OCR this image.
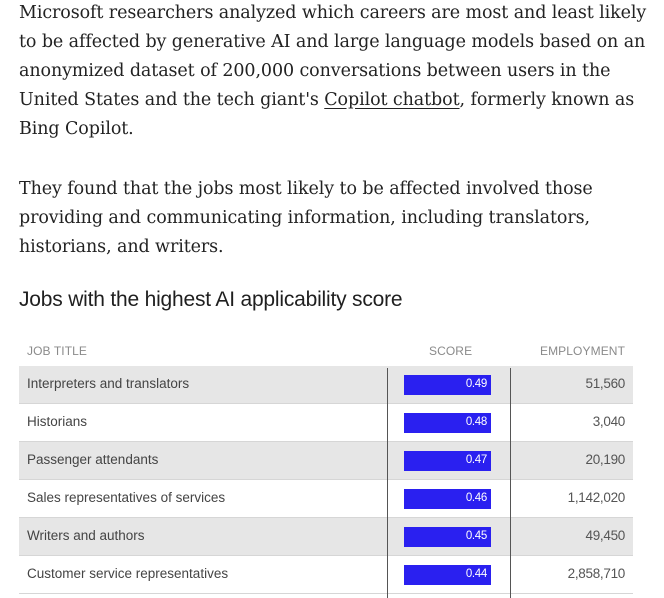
Microsoft researchers analyzed which careers are most and least likely to be affected by generative AI and large language models based on an anonymized dataset of 200,000 conversations between users in the United States and the tech giant's Copilot chatbot, formerly known as Bing Copilot.

They found that the jobs most likely to be affected involved those providing and communicating information, including translators, historians, and writers.

Jobs with the highest AI applicability score
JOB TITLE	SCORE	EMPLOYMENT
Interpreters and translators	0.49	51,560
Historians	0.48	3,040
Passenger attendants	0.47	20,190
Sales representatives of services	0.46	1,142,020
Writers and authors	0.45	49,450
Customer service representatives	0.44	2,858,710
